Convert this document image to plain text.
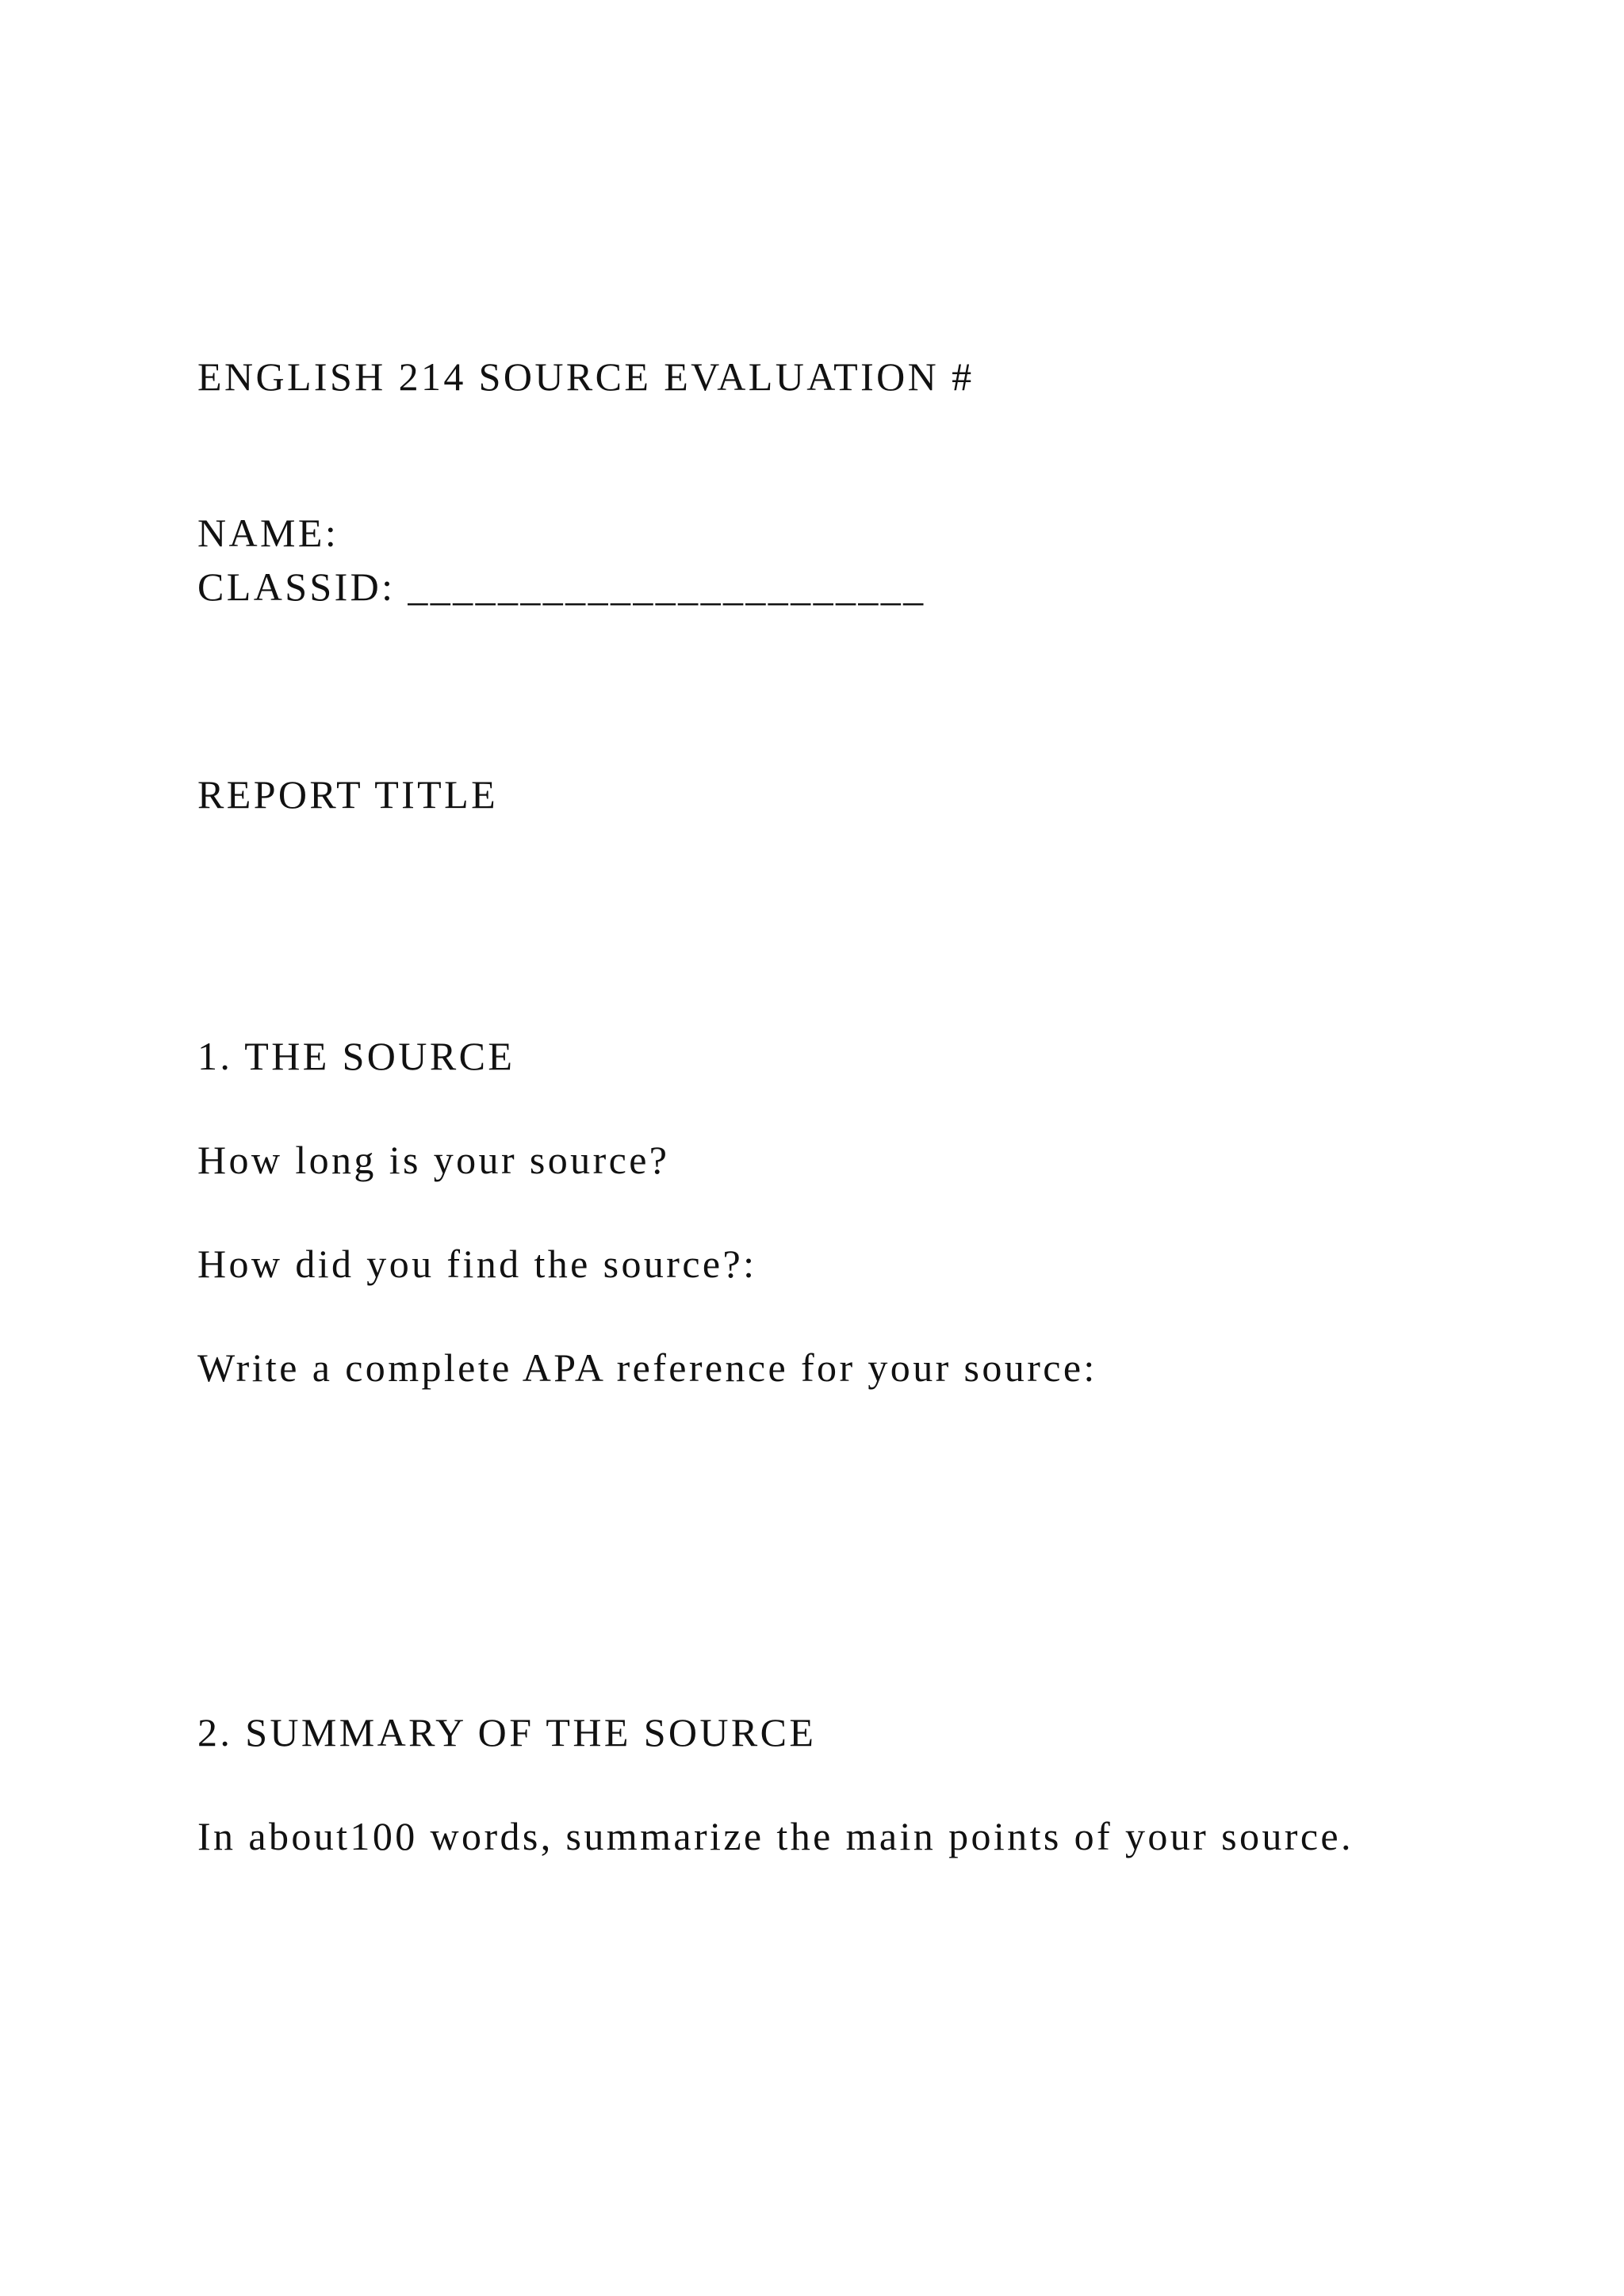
ENGLISH 214 SOURCE EVALUATION #
NAME:
CLASSID: _______________________
REPORT TITLE
1. THE SOURCE
How long is your source?
How did you find the source?:
Write a complete APA reference for your source:
2. SUMMARY OF THE SOURCE
In about100 words, summarize the main points of your source.
